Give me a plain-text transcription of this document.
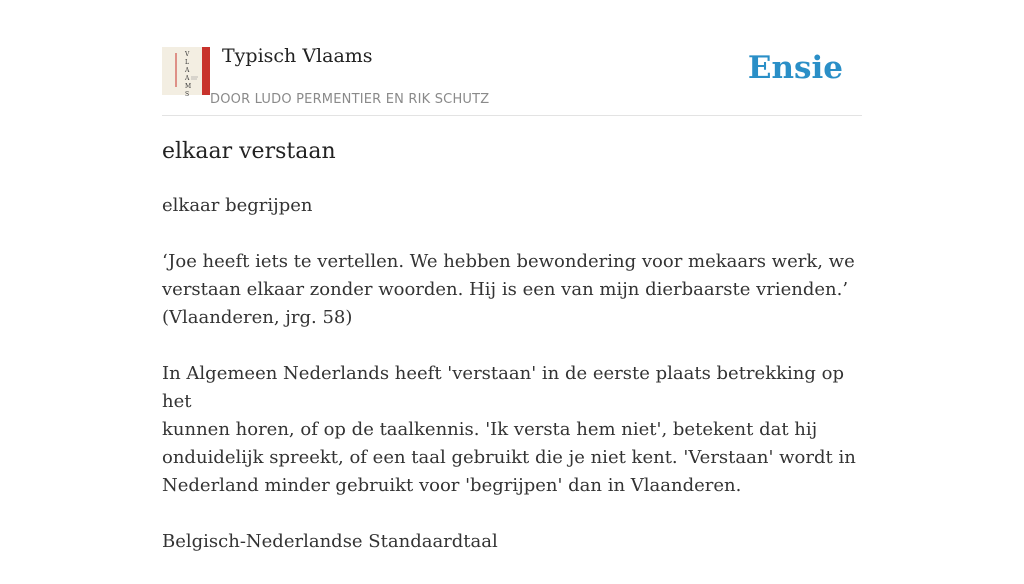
V
L
A
A
M
S
Typisch Vlaams
DOOR LUDO PERMENTIER EN RIK SCHUTZ
Ensie
elkaar verstaan

elkaar begrijpen

‘Joe heeft iets te vertellen. We hebben bewondering voor mekaars werk, we
verstaan elkaar zonder woorden. Hij is een van mijn dierbaarste vrienden.’
(Vlaanderen, jrg. 58)

In Algemeen Nederlands heeft 'verstaan' in de eerste plaats betrekking op het
kunnen horen, of op de taalkennis. 'Ik versta hem niet', betekent dat hij
onduidelijk spreekt, of een taal gebruikt die je niet kent. 'Verstaan' wordt in
Nederland minder gebruikt voor 'begrijpen' dan in Vlaanderen.

Belgisch-Nederlandse Standaardtaal
